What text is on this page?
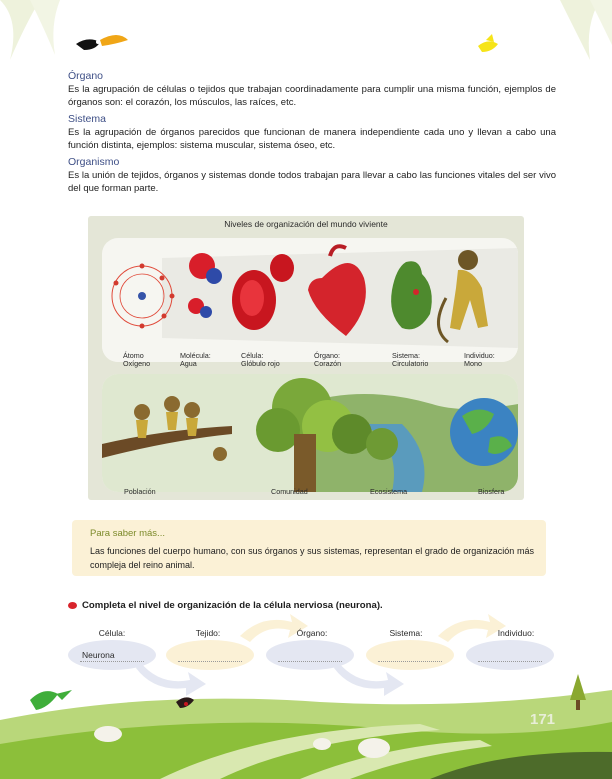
Órgano
Es la agrupación de células o tejidos que trabajan coordinadamente para cumplir una misma función, ejemplos de órganos son: el corazón, los músculos, las raíces, etc.
Sistema
Es la agrupación de órganos parecidos que funcionan de manera independiente cada uno y llevan a cabo una función distinta, ejemplos: sistema muscular, sistema óseo, etc.
Organismo
Es la unión de tejidos, órganos y sistemas donde todos trabajan para llevar a cabo las funciones vitales del ser vivo del que forman parte.
Niveles de organización del mundo viviente
Átomo
Oxígeno
Molécula:
Agua
Célula:
Glóbulo rojo
Órgano:
Corazón
Sistema:
Circulatorio
Individuo:
Mono
Población	Comunidad	Ecosistema	Biosfera
Para saber más...
Las funciones del cuerpo humano, con sus órganos y sus sistemas, representan el grado de organización más compleja del reino animal.
Completa el nivel de organización de la célula nerviosa (neurona).
Célula:	Tejido:	Órgano:	Sistema:	Individuo:
Neurona
171
